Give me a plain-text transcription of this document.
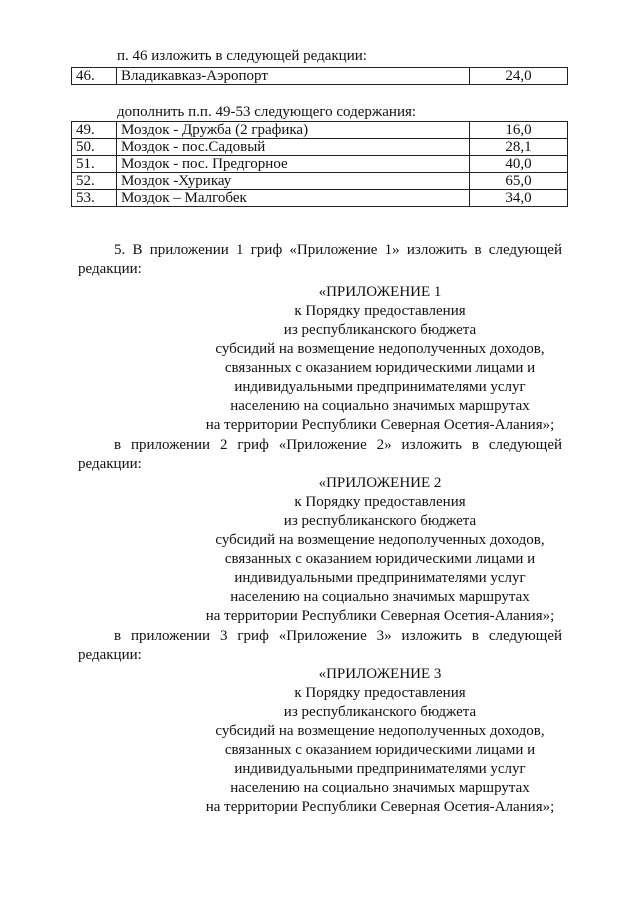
п. 46 изложить в следующей редакции:
46.	Владикавказ-Аэропорт	24,0
дополнить п.п. 49-53 следующего содержания:
49.	Моздок - Дружба (2 графика)	16,0
50.	Моздок - пос.Садовый	28,1
51.	Моздок - пос. Предгорное	40,0
52.	Моздок -Хурикау	65,0
53.	Моздок – Малгобек	34,0
5. В приложении 1 гриф «Приложение 1» изложить в следующей
редакции:
«ПРИЛОЖЕНИЕ 1
к Порядку предоставления
из республиканского бюджета
субсидий на возмещение недополученных доходов,
связанных с оказанием юридическими лицами и
индивидуальными предпринимателями услуг
населению на социально значимых маршрутах
на территории Республики Северная Осетия-Алания»;
в приложении 2 гриф «Приложение 2» изложить в следующей
редакции:
«ПРИЛОЖЕНИЕ 2
к Порядку предоставления
из республиканского бюджета
субсидий на возмещение недополученных доходов,
связанных с оказанием юридическими лицами и
индивидуальными предпринимателями услуг
населению на социально значимых маршрутах
на территории Республики Северная Осетия-Алания»;
в приложении 3 гриф «Приложение 3» изложить в следующей
редакции:
«ПРИЛОЖЕНИЕ 3
к Порядку предоставления
из республиканского бюджета
субсидий на возмещение недополученных доходов,
связанных с оказанием юридическими лицами и
индивидуальными предпринимателями услуг
населению на социально значимых маршрутах
на территории Республики Северная Осетия-Алания»;
